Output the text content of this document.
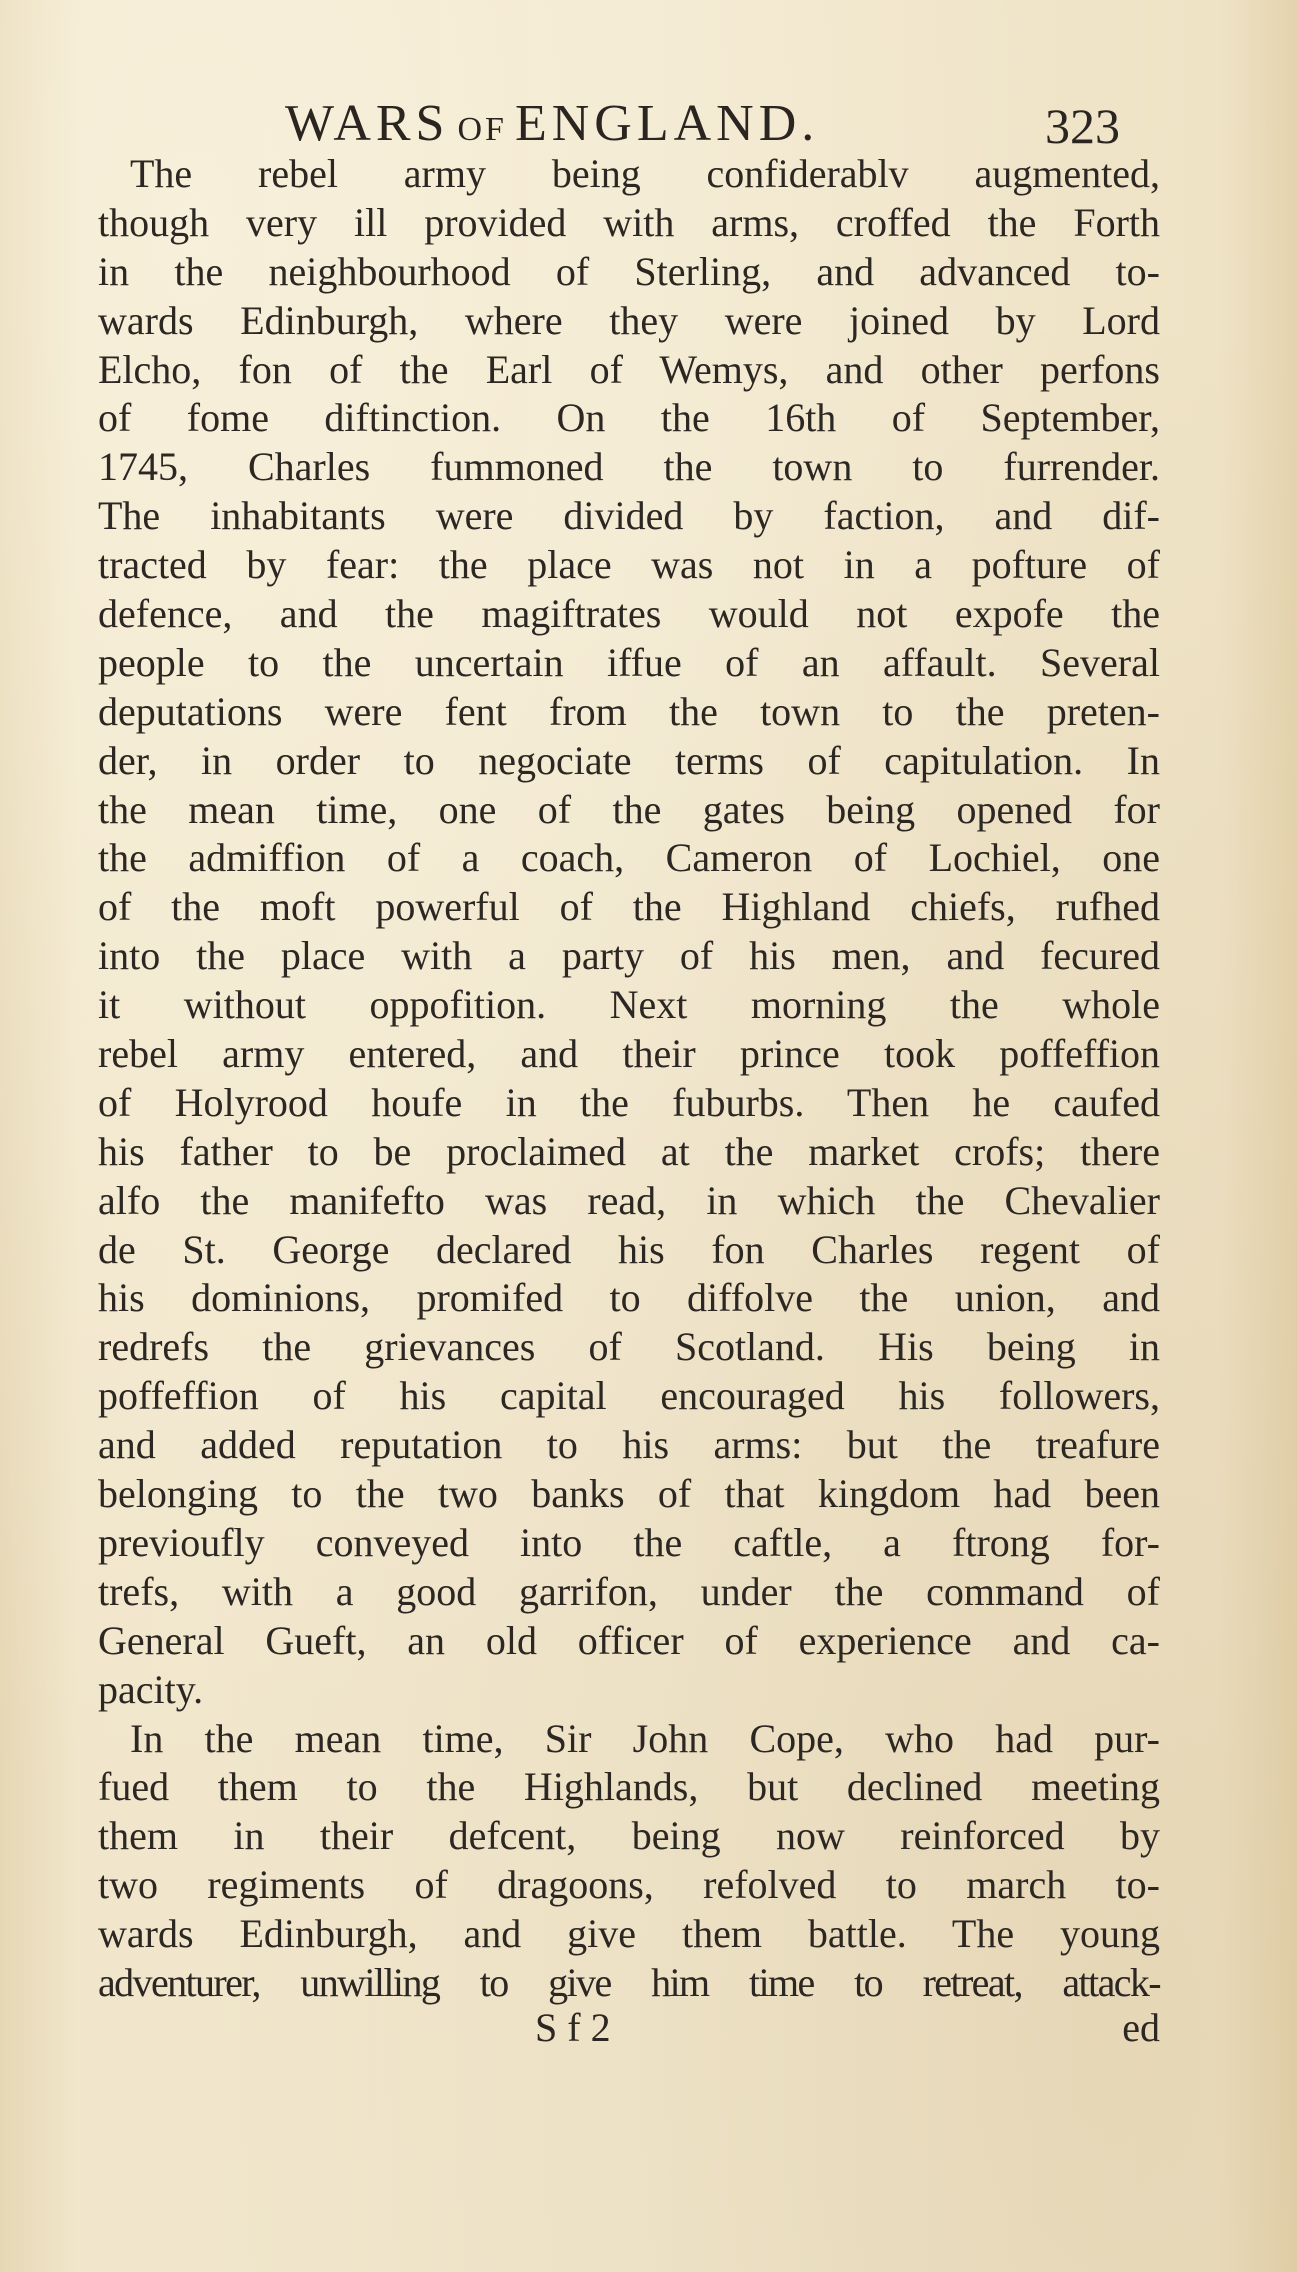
WARS OF ENGLAND.	323
The rebel army being confiderablv augmented,
though very ill provided with arms, croffed the Forth
in the neighbourhood of Sterling, and advanced to-
wards Edinburgh, where they were joined by Lord
Elcho, fon of the Earl of Wemys, and other perfons
of fome diftinction. On the 16th of September,
1745, Charles fummoned the town to furrender.
The inhabitants were divided by faction, and dif-
tracted by fear: the place was not in a pofture of
defence, and the magiftrates would not expofe the
people to the uncertain iffue of an affault. Several
deputations were fent from the town to the preten-
der, in order to negociate terms of capitulation. In
the mean time, one of the gates being opened for
the admiffion of a coach, Cameron of Lochiel, one
of the moft powerful of the Highland chiefs, rufhed
into the place with a party of his men, and fecured
it without oppofition. Next morning the whole
rebel army entered, and their prince took poffeffion
of Holyrood houfe in the fuburbs. Then he caufed
his father to be proclaimed at the market crofs; there
alfo the manifefto was read, in which the Chevalier
de St. George declared his fon Charles regent of
his dominions, promifed to diffolve the union, and
redrefs the grievances of Scotland. His being in
poffeffion of his capital encouraged his followers,
and added reputation to his arms: but the treafure
belonging to the two banks of that kingdom had been
previoufly conveyed into the caftle, a ftrong for-
trefs, with a good garrifon, under the command of
General Gueft, an old officer of experience and ca-
pacity.
In the mean time, Sir John Cope, who had pur-
fued them to the Highlands, but declined meeting
them in their defcent, being now reinforced by
two regiments of dragoons, refolved to march to-
wards Edinburgh, and give them battle. The young
adventurer, unwilling to give him time to retreat, attack-
S f 2	ed
